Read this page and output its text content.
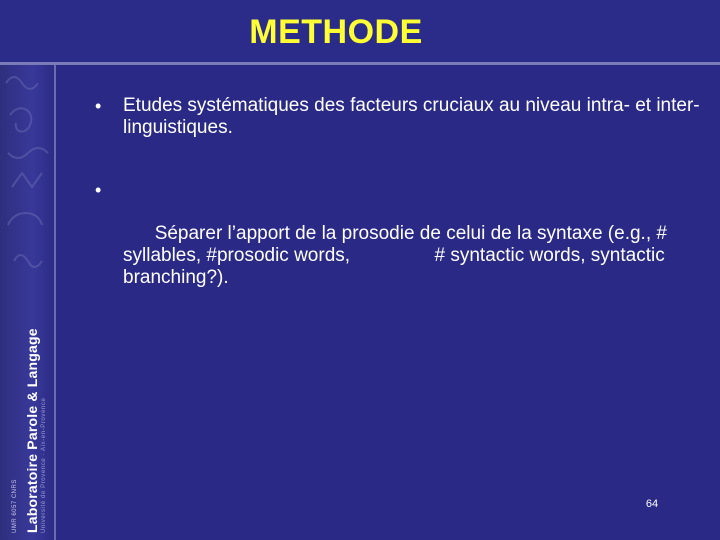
METHODE
UMR 6057 CNRS Laboratoire Parole & Langage Université de Provence · Aix-en-Provence
• Etudes systématiques des facteurs cruciaux au niveau intra- et inter-linguistiques.

•

Séparer l’apport de la prosodie de celui de la syntaxe (e.g., # syllables, #prosodic words,                # syntactic words, syntactic branching?).

64
